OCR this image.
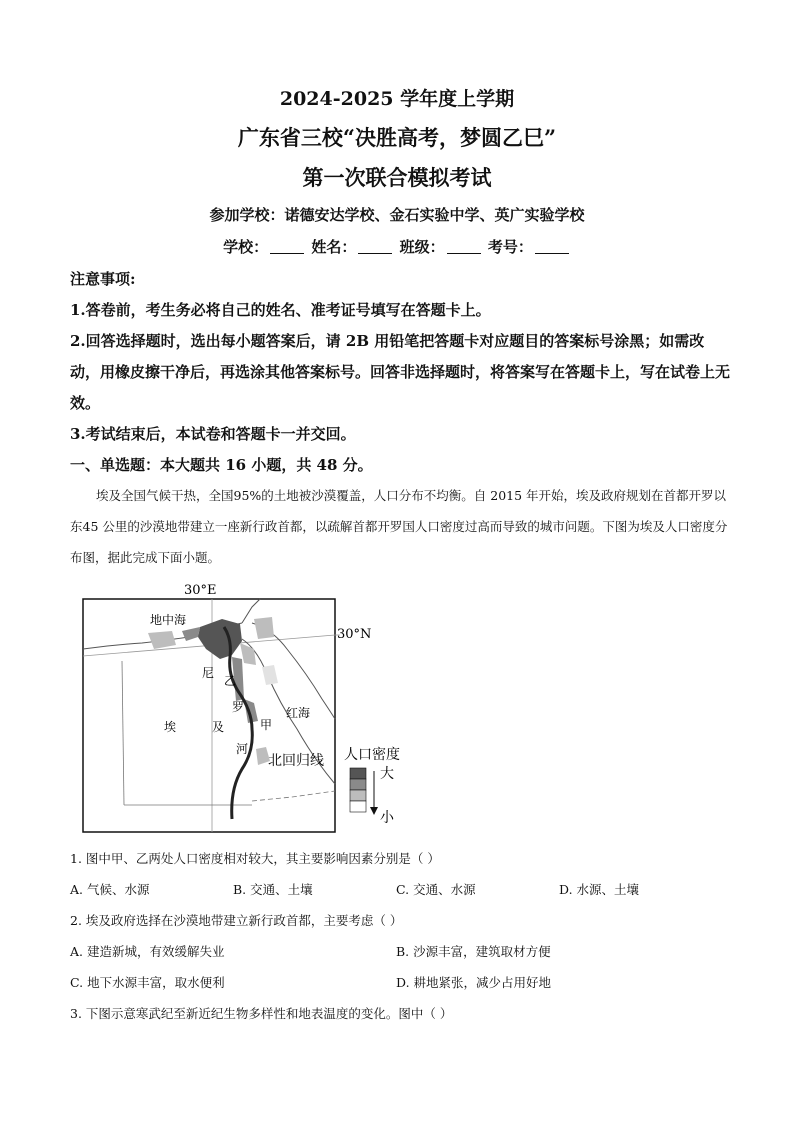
2024-2025 学年度上学期
广东省三校“决胜高考，梦圆乙巳”
第一次联合模拟考试
参加学校：诺德安达学校、金石实验中学、英广实验学校
学校：	姓名：	班级：	考号：
注意事项:
1.答卷前，考生务必将自己的姓名、准考证号填写在答题卡上。
2.回答选择题时，选出每小题答案后，请 2B 用铅笔把答题卡对应题目的答案标号涂黑；如需改动，用橡皮擦干净后，再选涂其他答案标号。回答非选择题时，将答案写在答题卡上，写在试卷上无效。
3.考试结束后，本试卷和答题卡一并交回。
一、单选题：本大题共 16 小题，共 48 分。
埃及全国气候干热，全国95%的土地被沙漠覆盖，人口分布不均衡。自 2015 年开始，埃及政府规划在首都开罗以东45 公里的沙漠地带建立一座新行政首都，以疏解首都开罗国人口密度过高而导致的城市问题。下图为埃及人口密度分布图，据此完成下面小题。
地中海
30°E
30°N
尼
乙
罗
甲
河
红海
埃	及
北回归线 人口密度
大
小
1. 图中甲、乙两处人口密度相对较大，其主要影响因素分别是（ ）
A. 气候、水源	B. 交通、土壤	C. 交通、水源	D. 水源、土壤
2. 埃及政府选择在沙漠地带建立新行政首都，主要考虑（ ）
A. 建造新城，有效缓解失业	B. 沙源丰富，建筑取材方便
C. 地下水源丰富，取水便利	D. 耕地紧张，减少占用好地
3. 下图示意寒武纪至新近纪生物多样性和地表温度的变化。图中（ ）
